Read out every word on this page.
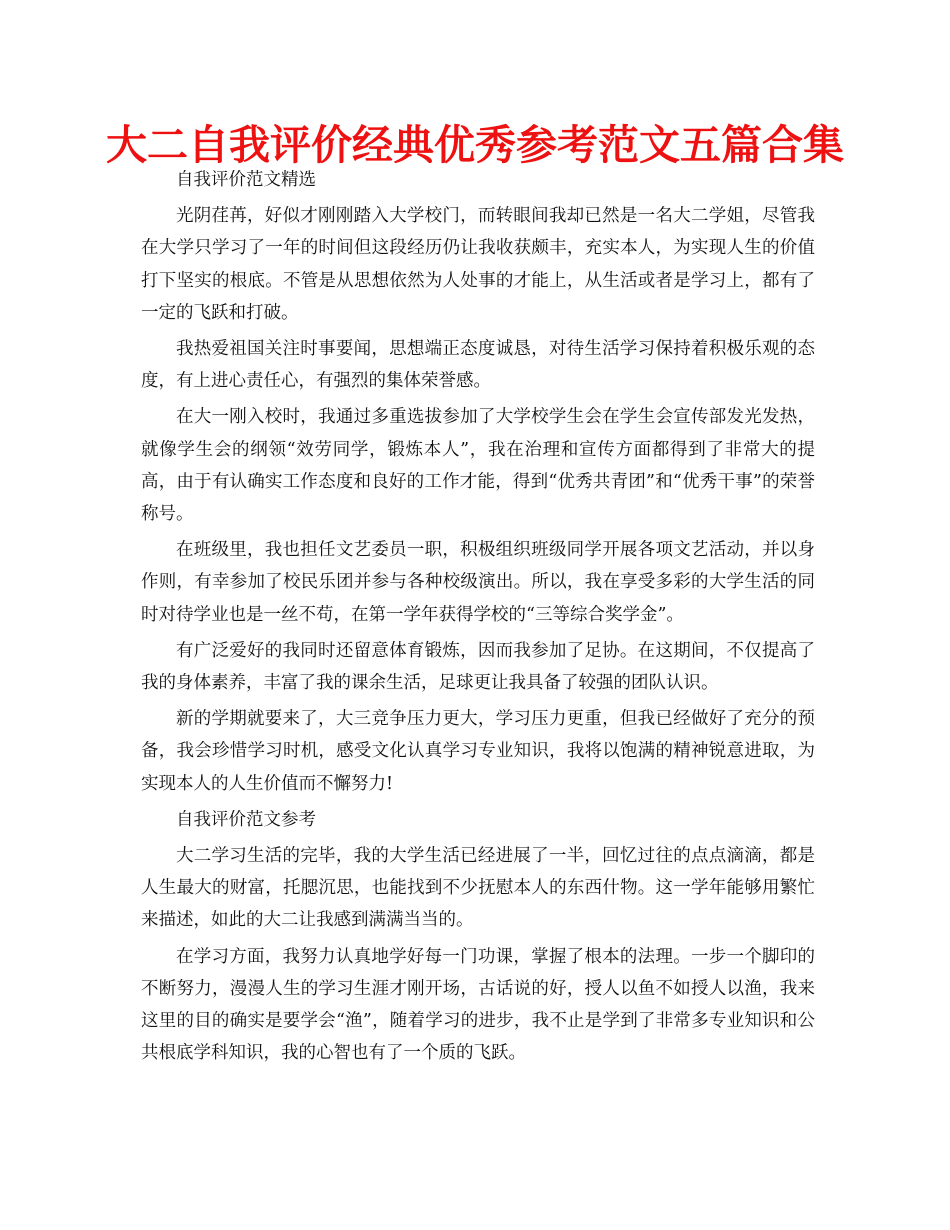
大二自我评价经典优秀参考范文五篇合集

自我评价范文精选

光阴荏苒，好似才刚刚踏入大学校门，而转眼间我却已然是一名大二学姐，尽管我在大学只学习了一年的时间但这段经历仍让我收获颇丰，充实本人，为实现人生的价值打下坚实的根底。不管是从思想依然为人处事的才能上，从生活或者是学习上，都有了一定的飞跃和打破。

我热爱祖国关注时事要闻，思想端正态度诚恳，对待生活学习保持着积极乐观的态度，有上进心责任心，有强烈的集体荣誉感。

在大一刚入校时，我通过多重选拔参加了大学校学生会在学生会宣传部发光发热，就像学生会的纲领“效劳同学，锻炼本人”，我在治理和宣传方面都得到了非常大的提高，由于有认确实工作态度和良好的工作才能，得到“优秀共青团”和“优秀干事”的荣誉称号。

在班级里，我也担任文艺委员一职，积极组织班级同学开展各项文艺活动，并以身作则，有幸参加了校民乐团并参与各种校级演出。所以，我在享受多彩的大学生活的同时对待学业也是一丝不苟，在第一学年获得学校的“三等综合奖学金”。

有广泛爱好的我同时还留意体育锻炼，因而我参加了足协。在这期间，不仅提高了我的身体素养，丰富了我的课余生活，足球更让我具备了较强的团队认识。

新的学期就要来了，大三竞争压力更大，学习压力更重，但我已经做好了充分的预备，我会珍惜学习时机，感受文化认真学习专业知识，我将以饱满的精神锐意进取，为实现本人的人生价值而不懈努力!

自我评价范文参考

大二学习生活的完毕，我的大学生活已经进展了一半，回忆过往的点点滴滴，都是人生最大的财富，托腮沉思，也能找到不少抚慰本人的东西什物。这一学年能够用繁忙来描述，如此的大二让我感到满满当当的。

在学习方面，我努力认真地学好每一门功课，掌握了根本的法理。一步一个脚印的不断努力，漫漫人生的学习生涯才刚开场，古话说的好，授人以鱼不如授人以渔，我来这里的目的确实是要学会“渔”，随着学习的进步，我不止是学到了非常多专业知识和公共根底学科知识，我的心智也有了一个质的飞跃。
